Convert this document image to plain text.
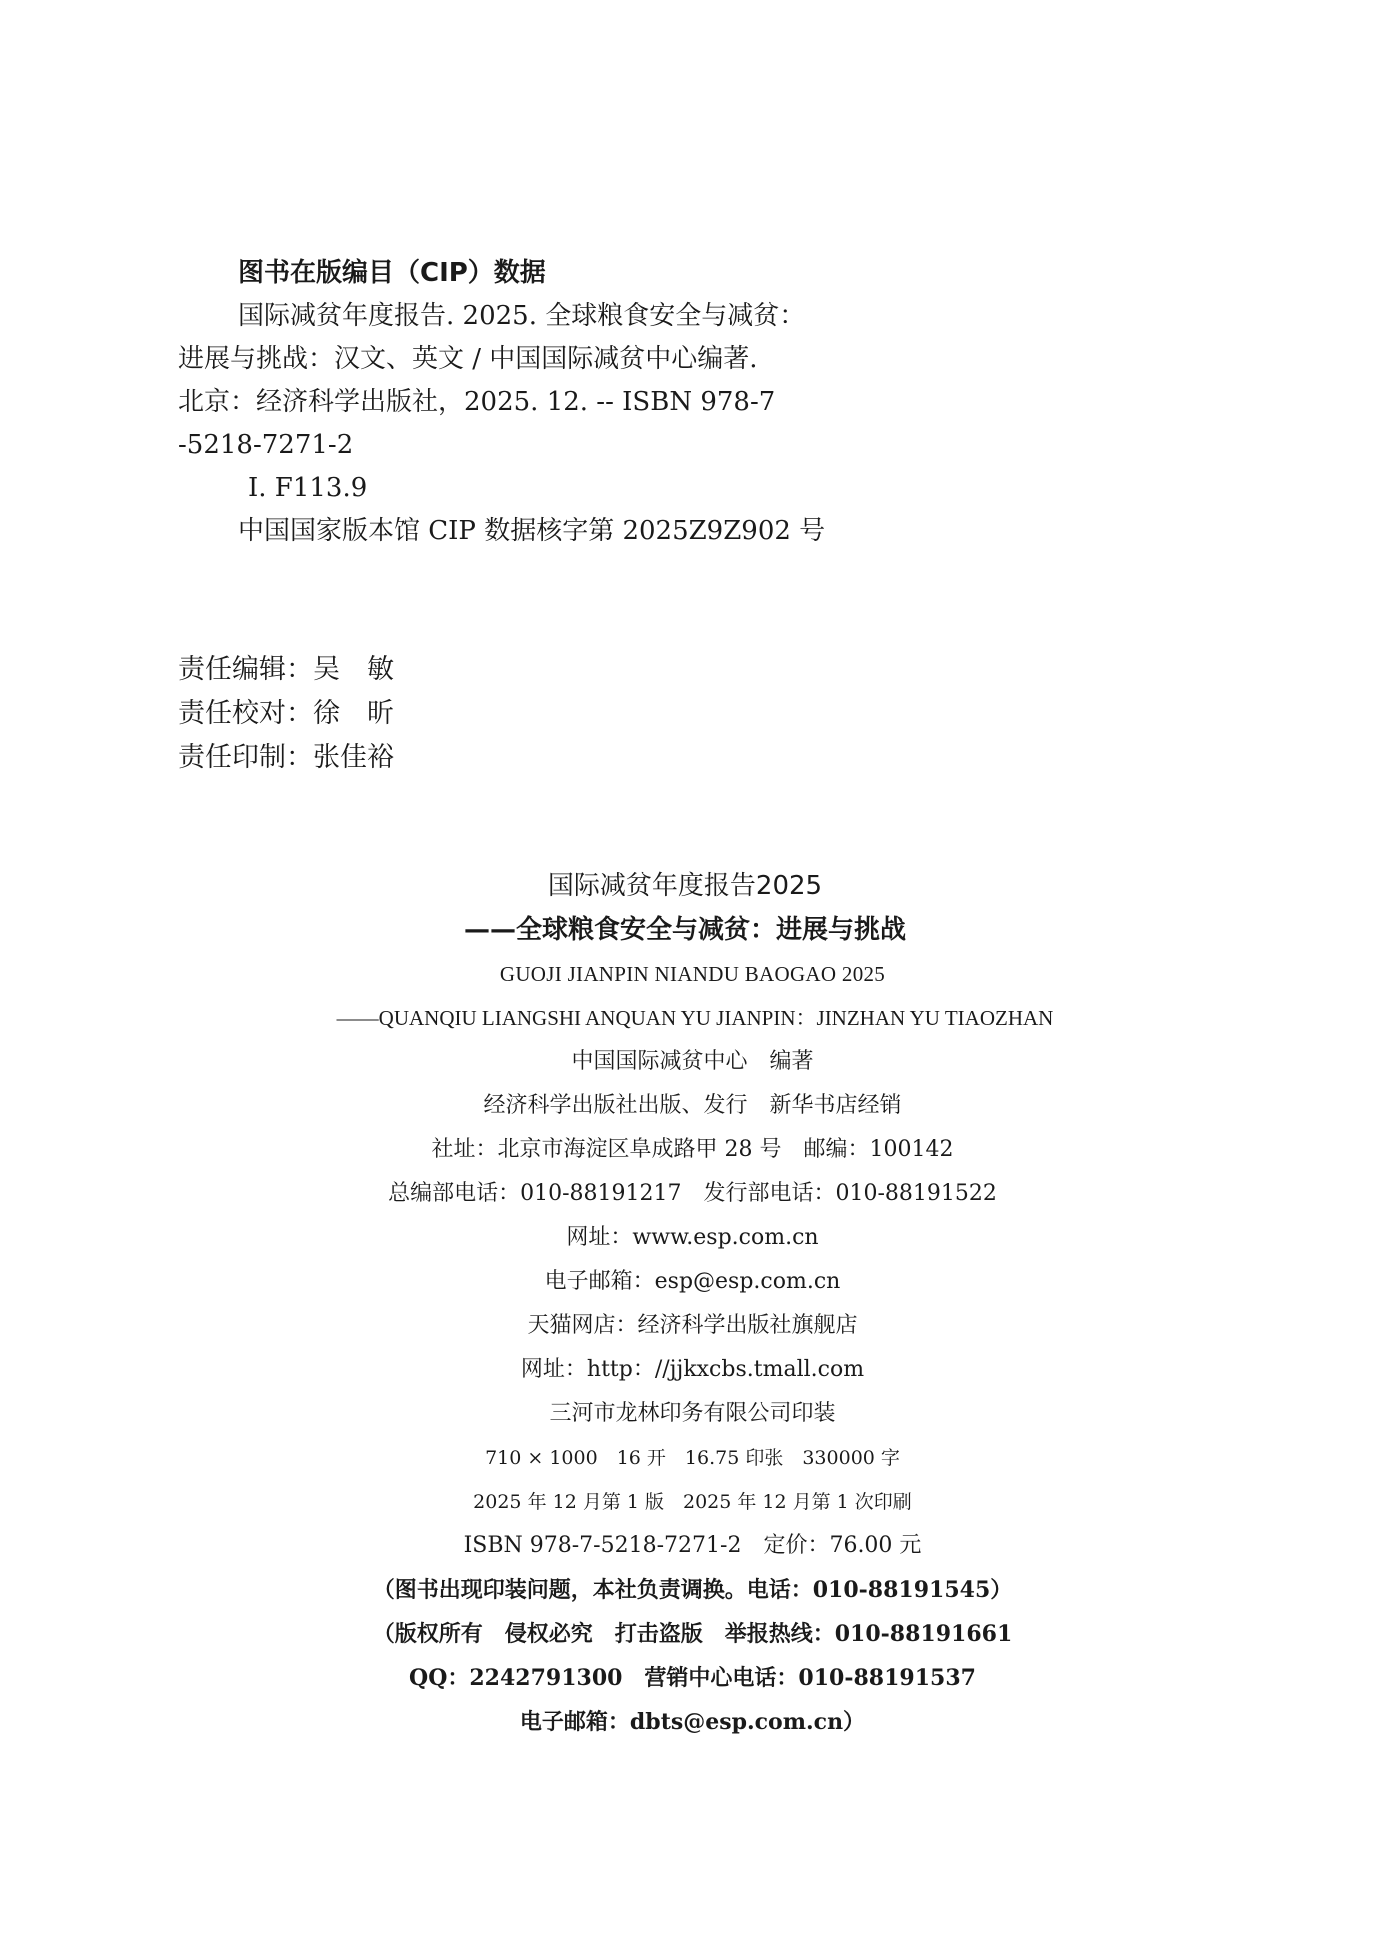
图书在版编目（CIP）数据
国际减贫年度报告. 2025. 全球粮食安全与减贫：
进展与挑战：汉文、英文 / 中国国际减贫中心编著.
北京：经济科学出版社，2025. 12. -- ISBN 978-7
-5218-7271-2
Ⅰ. F113.9
中国国家版本馆 CIP 数据核字第 2025Z9Z902 号
责任编辑：吴　敏
责任校对：徐　昕
责任印制：张佳裕
国际减贫年度报告2025
——全球粮食安全与减贫：进展与挑战
GUOJI JIANPIN NIANDU BAOGAO 2025
——QUANQIU LIANGSHI ANQUAN YU JIANPIN：JINZHAN YU TIAOZHAN
中国国际减贫中心　编著
经济科学出版社出版、发行　新华书店经销
社址：北京市海淀区阜成路甲 28 号　邮编：100142
总编部电话：010-88191217　发行部电话：010-88191522
网址：www.esp.com.cn
电子邮箱：esp@esp.com.cn
天猫网店：经济科学出版社旗舰店
网址：http：//jjkxcbs.tmall.com
三河市龙林印务有限公司印装
710 × 1000　16 开　16.75 印张　330000 字
2025 年 12 月第 1 版　2025 年 12 月第 1 次印刷
ISBN 978-7-5218-7271-2　定价：76.00 元
（图书出现印装问题，本社负责调换。电话：010-88191545）
（版权所有　侵权必究　打击盗版　举报热线：010-88191661
QQ：2242791300　营销中心电话：010-88191537
电子邮箱：dbts@esp.com.cn）
